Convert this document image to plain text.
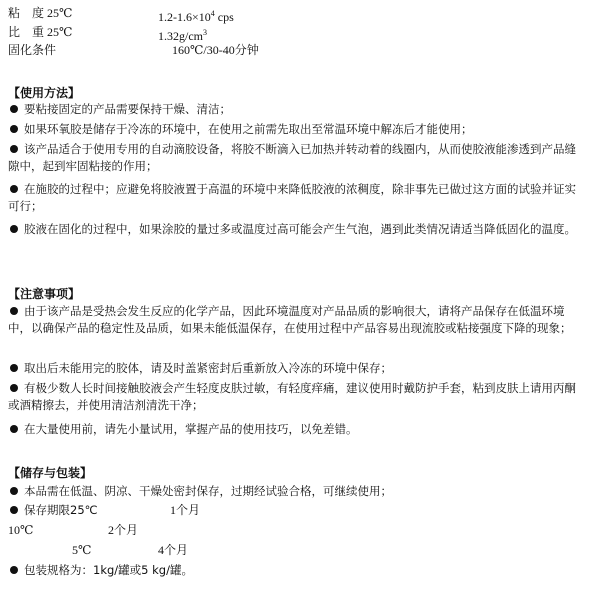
粘　度 25℃	$1.2-1.6\times 10^4$ cps
比　重 25℃	$1.32g/cm^3$
固化条件	160℃/30-40分钟
【使用方法】
要粘接固定的产品需要保持干燥、清洁；
如果环氧胶是储存于冷冻的环境中，在使用之前需先取出至常温环境中解冻后才能使用；
该产品适合于使用专用的自动滴胶设备，将胶不断滴入已加热并转动着的线圈内，从而使胶液能渗透到产品缝隙中，起到牢固粘接的作用；
在施胶的过程中；应避免将胶液置于高温的环境中来降低胶液的浓稠度，除非事先已做过这方面的试验并证实可行；
胶液在固化的过程中，如果涂胶的量过多或温度过高可能会产生气泡，遇到此类情况请适当降低固化的温度。
【注意事项】
由于该产品是受热会发生反应的化学产品，因此环境温度对产品品质的影响很大，请将产品保存在低温环境中，以确保产品的稳定性及品质，如果未能低温保存，在使用过程中产品容易出现流胶或粘接强度下降的现象；
取出后未能用完的胶体，请及时盖紧密封后重新放入冷冻的环境中保存；
有极少数人长时间接触胶液会产生轻度皮肤过敏，有轻度痒痛，建议使用时戴防护手套，粘到皮肤上请用丙酮或酒精擦去，并使用清洁剂清洗干净；
在大量使用前，请先小量试用，掌握产品的使用技巧，以免差错。
【储存与包装】
本品需在低温、阴凉、干燥处密封保存，过期经试验合格，可继续使用；
保存期限25℃	1个月
10℃	2个月
5℃	4个月
包装规格为：1kg/罐或5 kg/罐。
